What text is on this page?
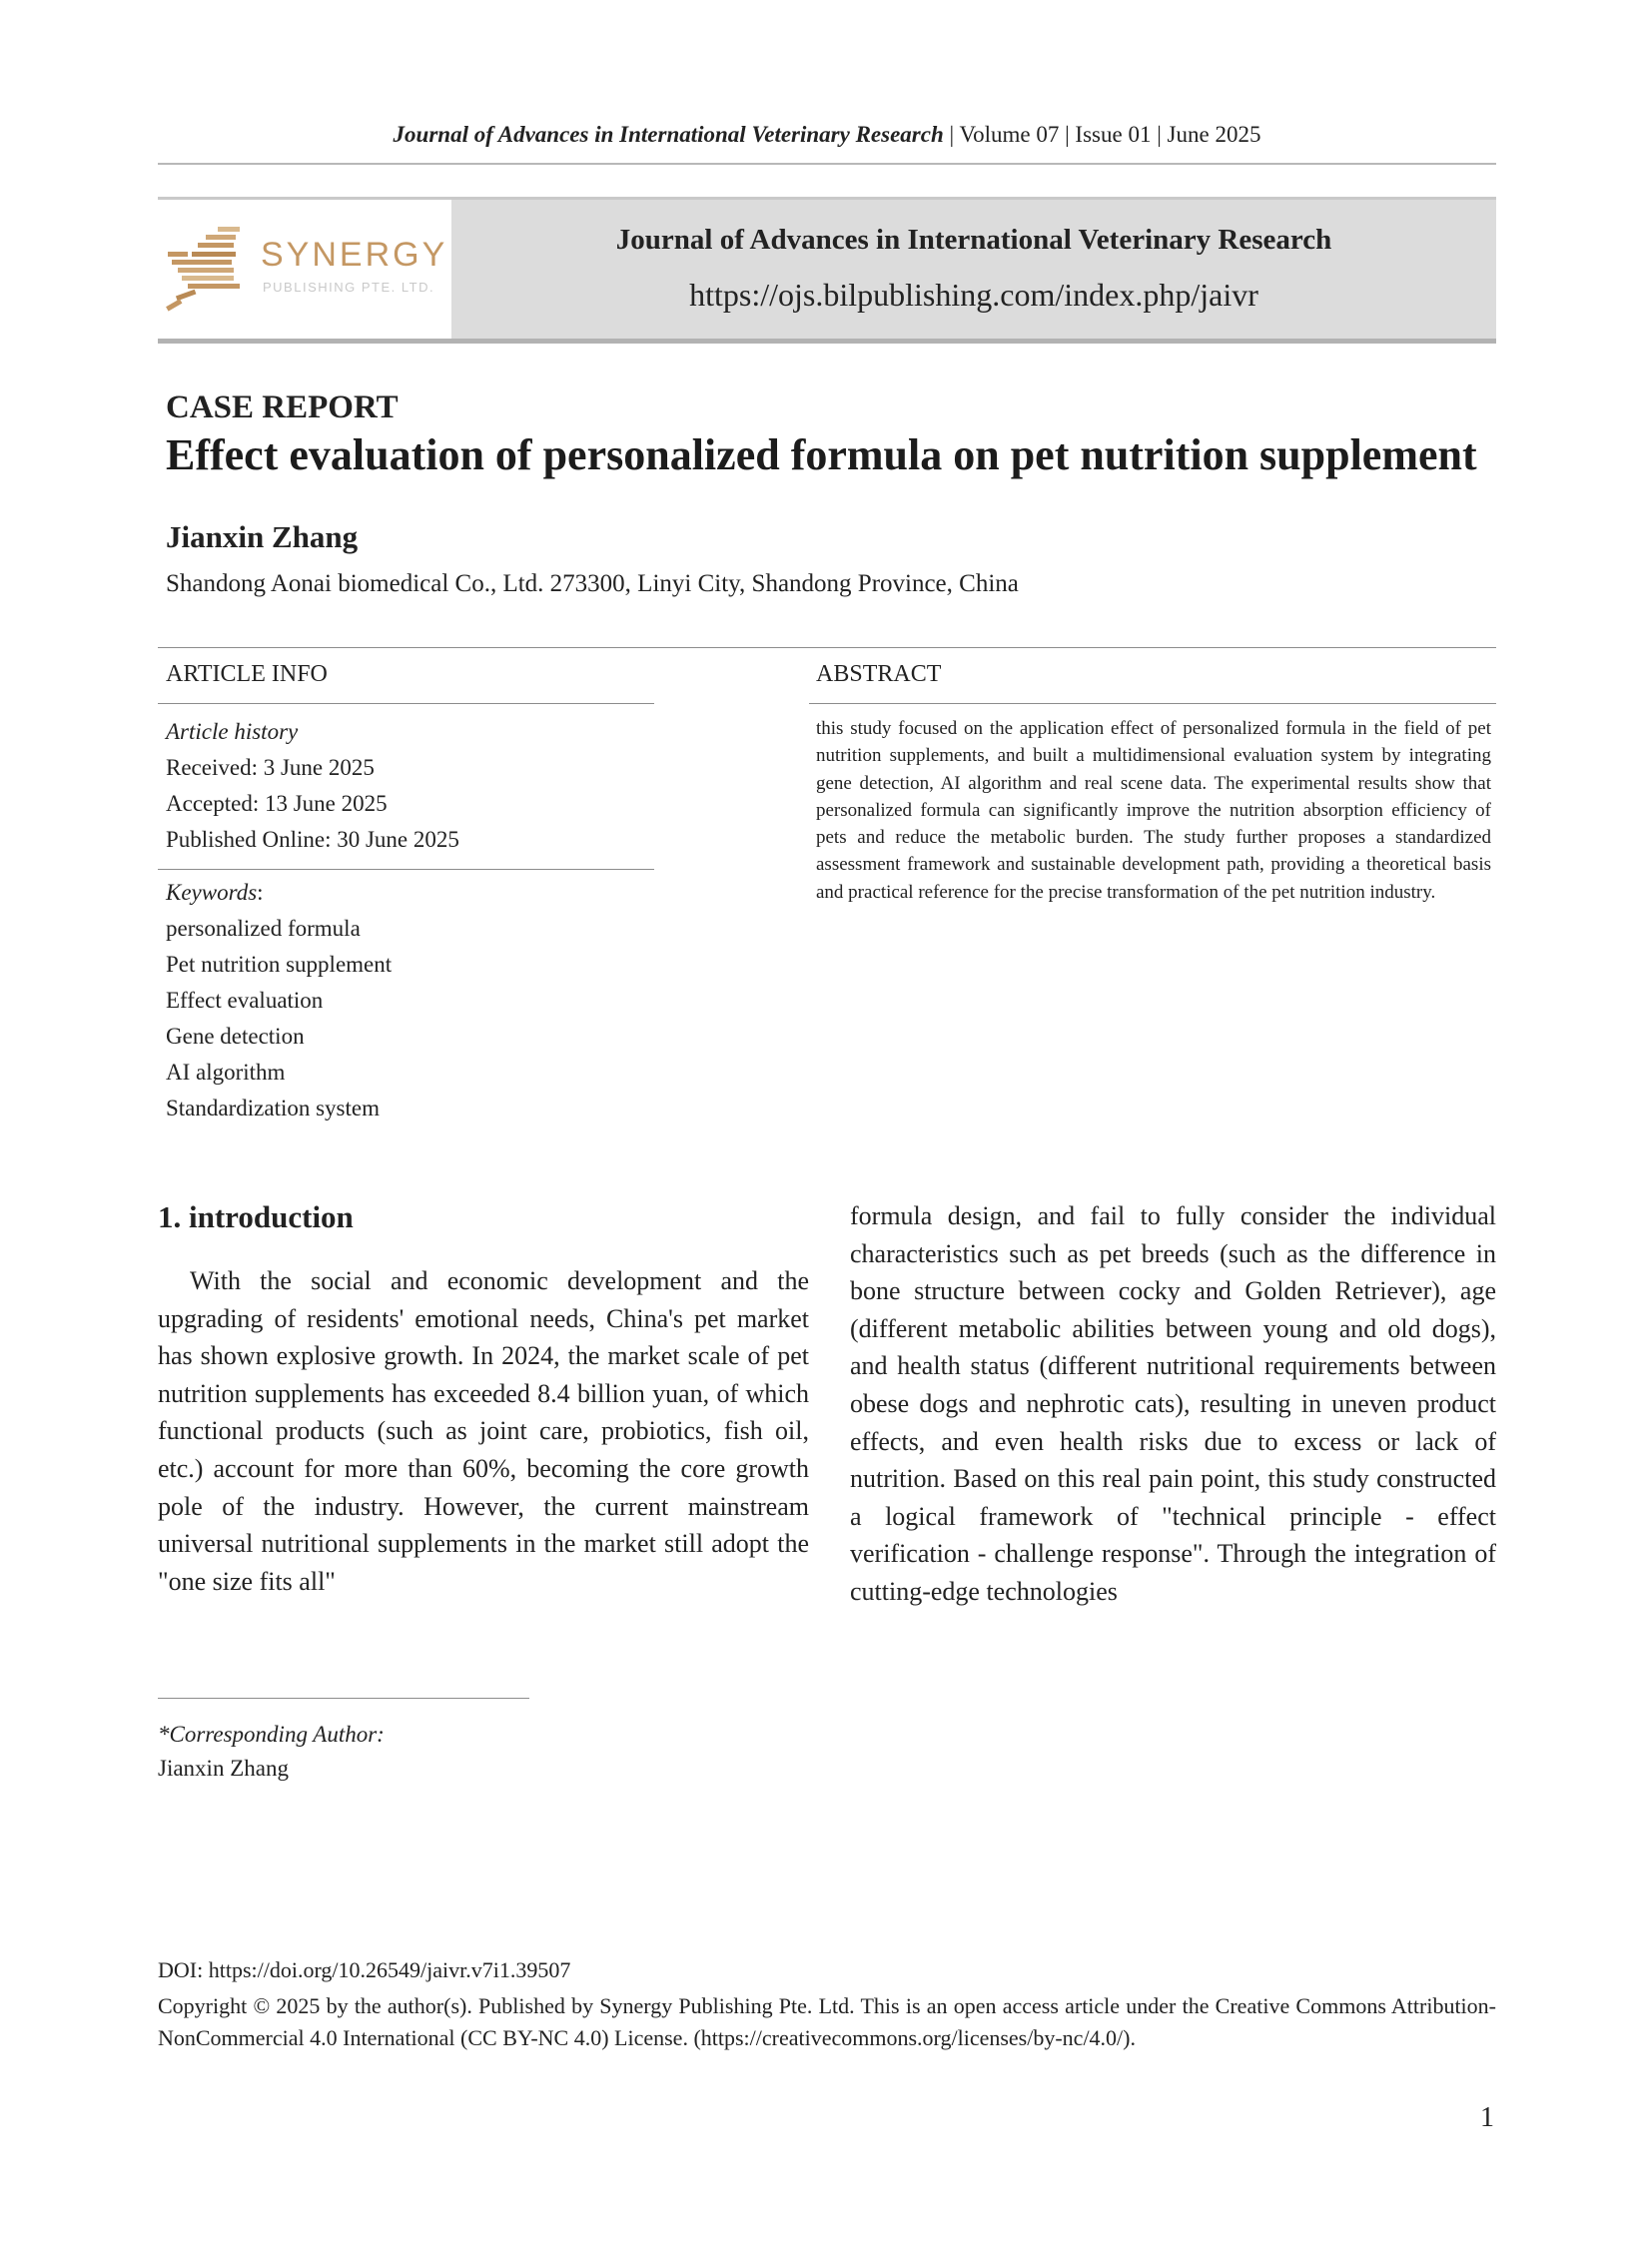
Journal of Advances in International Veterinary Research | Volume 07 | Issue 01 | June 2025
SYNERGY
PUBLISHING PTE. LTD.
Journal of Advances in International Veterinary Research
https://ojs.bilpublishing.com/index.php/jaivr
CASE REPORT
Effect evaluation of personalized formula on pet nutrition supplement
Jianxin Zhang
Shandong Aonai biomedical Co., Ltd. 273300, Linyi City, Shandong Province, China
ARTICLE INFO	ABSTRACT
Article history
Received: 3 June 2025
Accepted: 13 June 2025
Published Online: 30 June 2025
Keywords:
personalized formula
Pet nutrition supplement
Effect evaluation
Gene detection
AI algorithm
Standardization system
this study focused on the application effect of personalized formula in the field of pet nutrition supplements, and built a multidimensional evaluation system by integrating gene detection, AI algorithm and real scene data. The experimental results show that personalized formula can significantly improve the nutrition absorption efficiency of pets and reduce the metabolic burden. The study further proposes a standardized assessment framework and sustainable development path, providing a theoretical basis and practical reference for the precise transformation of the pet nutrition industry.
1. introduction
With the social and economic development and the upgrading of residents' emotional needs, China's pet market has shown explosive growth. In 2024, the market scale of pet nutrition supplements has exceeded 8.4 billion yuan, of which functional products (such as joint care, probiotics, fish oil, etc.) account for more than 60%, becoming the core growth pole of the industry. However, the current mainstream universal nutritional supplements in the market still adopt the "one size fits all"
formula design, and fail to fully consider the individual characteristics such as pet breeds (such as the difference in bone structure between cocky and Golden Retriever), age (different metabolic abilities between young and old dogs), and health status (different nutritional requirements between obese dogs and nephrotic cats), resulting in uneven product effects, and even health risks due to excess or lack of nutrition. Based on this real pain point, this study constructed a logical framework of "technical principle - effect verification - challenge response". Through the integration of cutting-edge technologies
*Corresponding Author:
Jianxin Zhang
DOI: https://doi.org/10.26549/jaivr.v7i1.39507
Copyright © 2025 by the author(s). Published by Synergy Publishing Pte. Ltd. This is an open access article under the Creative Commons Attribution-NonCommercial 4.0 International (CC BY-NC 4.0) License. (https://creativecommons.org/licenses/by-nc/4.0/).
1
